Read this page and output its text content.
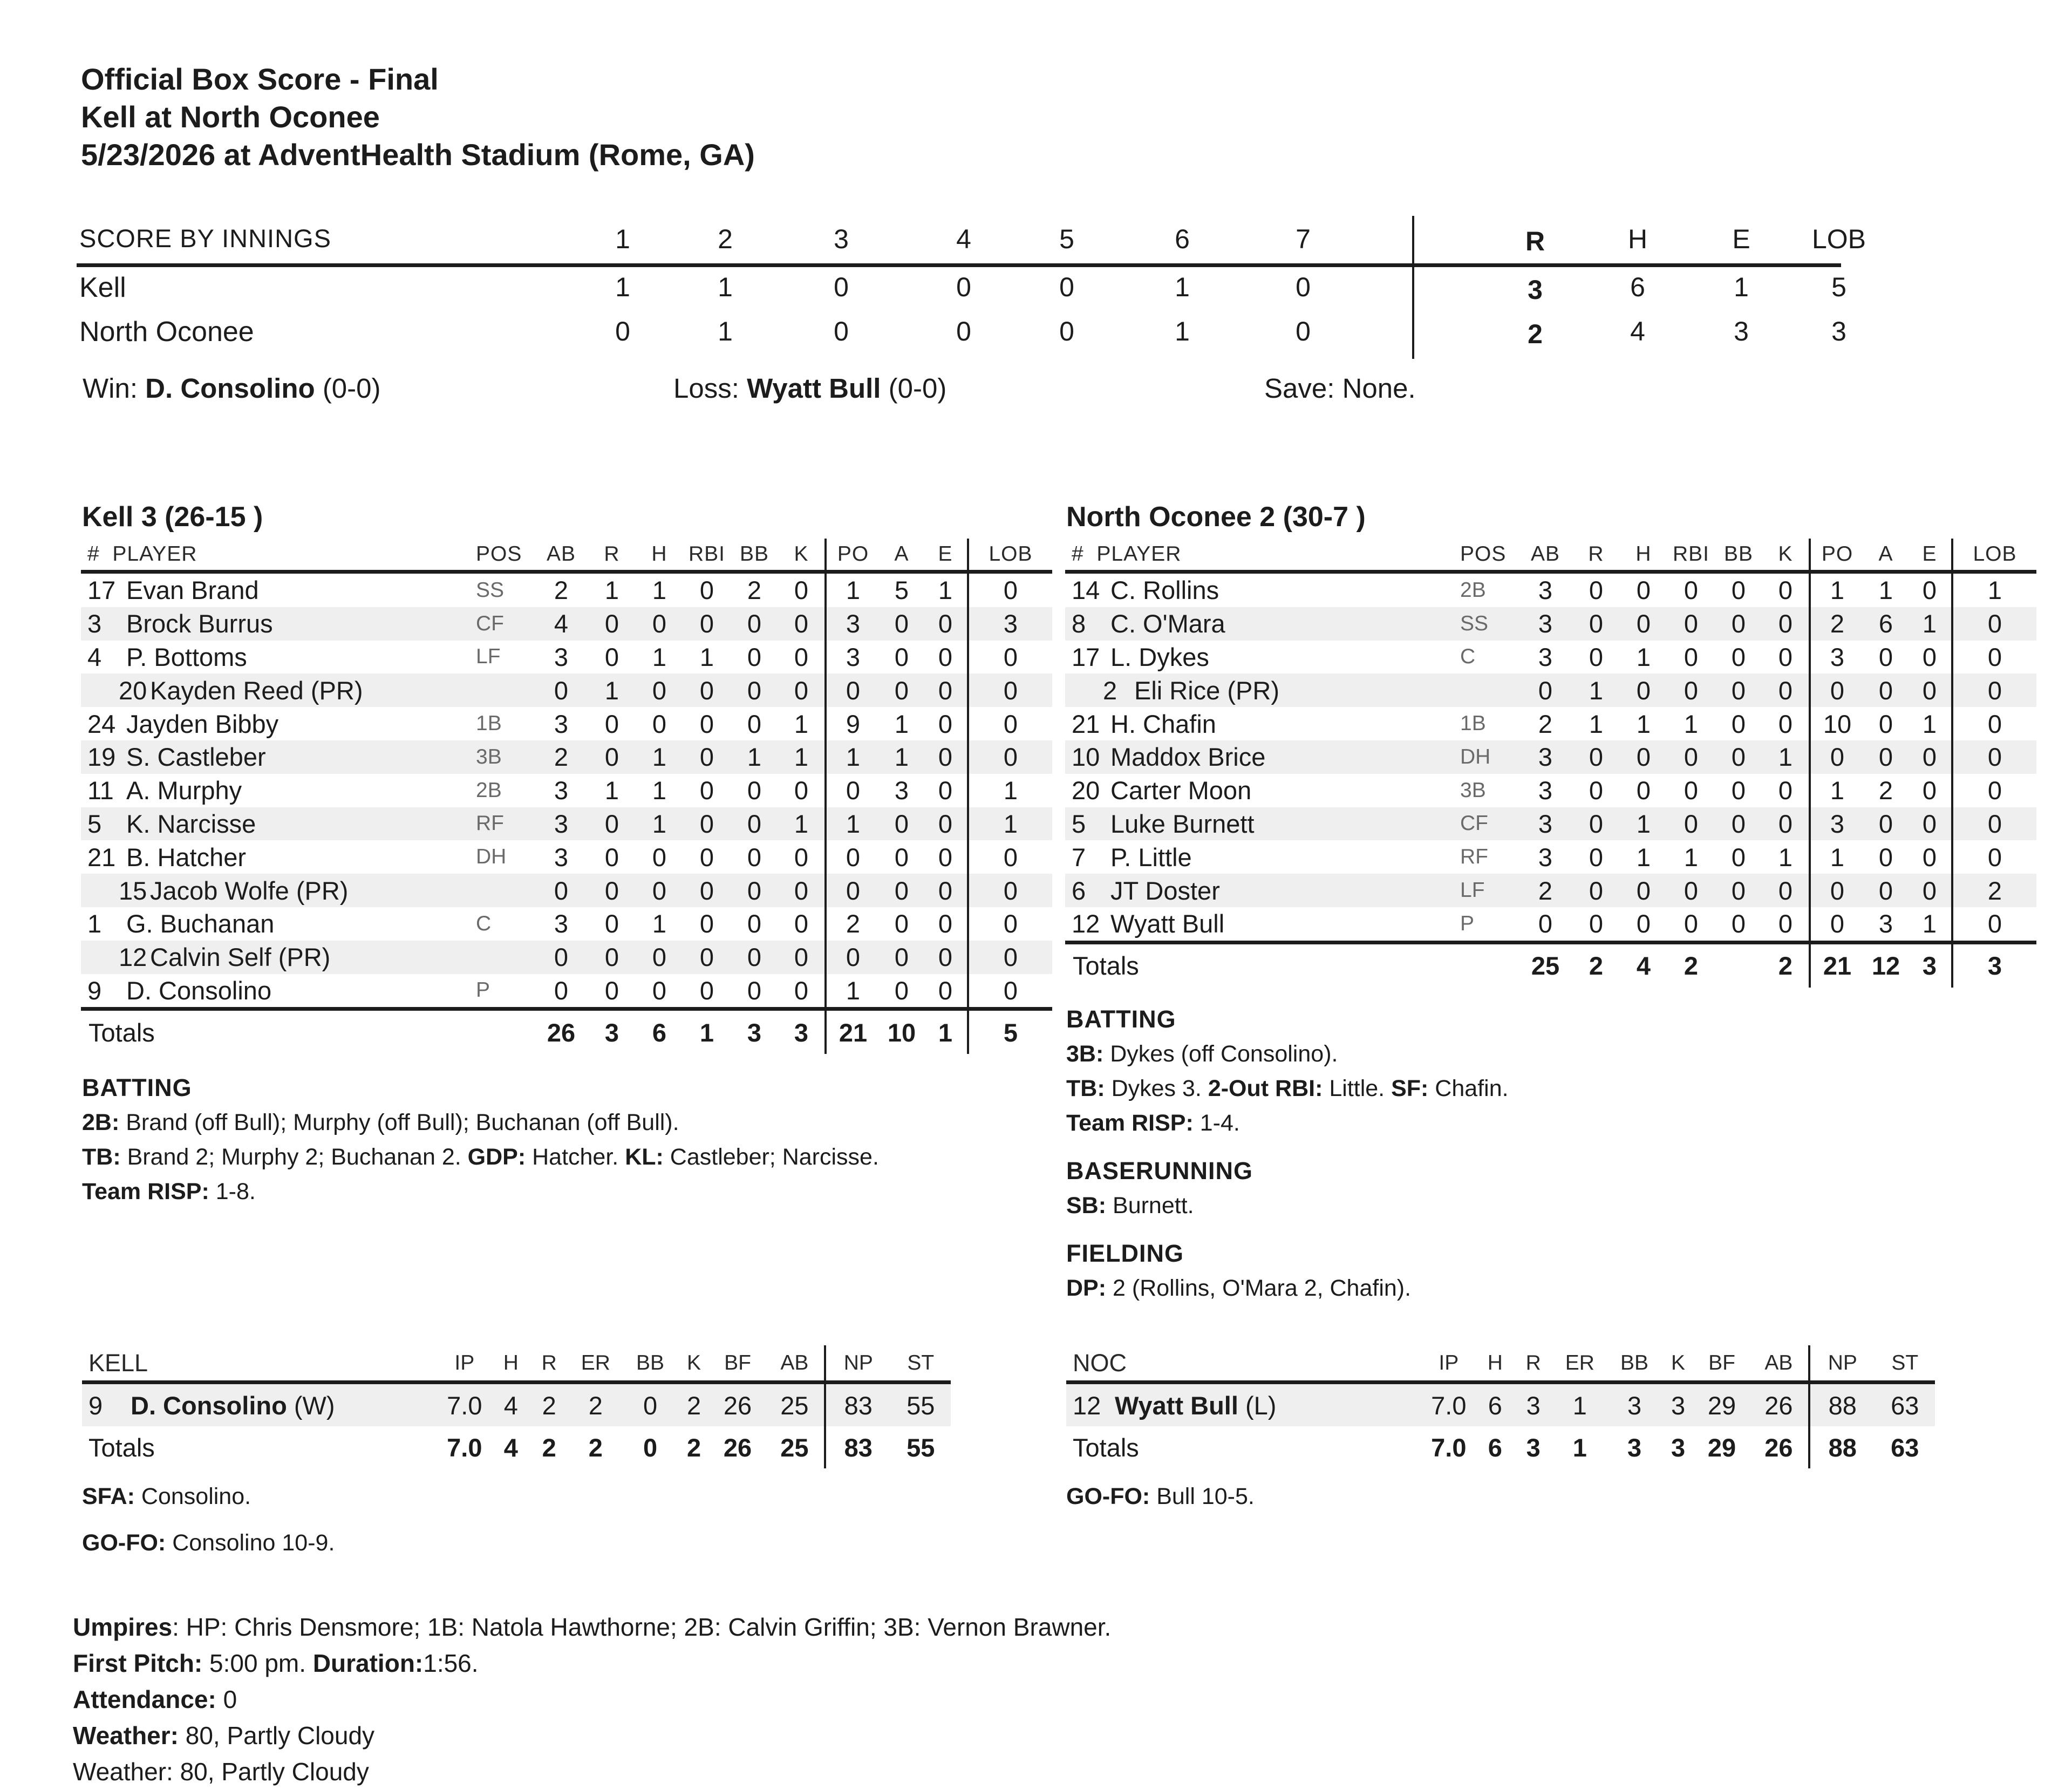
Official Box Score - Final
Kell at North Oconee
5/23/2026 at AdventHealth Stadium (Rome, GA)
SCORE BY INNINGS	1	2	3	4	5	6	7	R	H	E	LOB
Kell	1	1	0	0	0	1	0	3	6	1	5
North Oconee	0	1	0	0	0	1	0	2	4	3	3
Win: D. Consolino (0-0)	Loss: Wyatt Bull (0-0)	Save: None.
Kell 3 (26-15 )
# PLAYER	POS	AB	R	H	RBI	BB	K	PO	A	E	LOB
17 Evan Brand	SS	2	1	1	0	2	0	1	5	1	0
3 Brock Burrus	CF	4	0	0	0	0	0	3	0	0	3
4 P. Bottoms	LF	3	0	1	1	0	0	3	0	0	0
20 Kayden Reed (PR)		0	1	0	0	0	0	0	0	0	0
24 Jayden Bibby	1B	3	0	0	0	0	1	9	1	0	0
19 S. Castleber	3B	2	0	1	0	1	1	1	1	0	0
11 A. Murphy	2B	3	1	1	0	0	0	0	3	0	1
5 K. Narcisse	RF	3	0	1	0	0	1	1	0	0	1
21 B. Hatcher	DH	3	0	0	0	0	0	0	0	0	0
15 Jacob Wolfe (PR)		0	0	0	0	0	0	0	0	0	0
1 G. Buchanan	C	3	0	1	0	0	0	2	0	0	0
12 Calvin Self (PR)		0	0	0	0	0	0	0	0	0	0
9 D. Consolino	P	0	0	0	0	0	0	1	0	0	0
Totals		26	3	6	1	3	3	21	10	1	5
North Oconee 2 (30-7 )
# PLAYER	POS	AB	R	H	RBI	BB	K	PO	A	E	LOB
14 C. Rollins	2B	3	0	0	0	0	0	1	1	0	1
8 C. O'Mara	SS	3	0	0	0	0	0	2	6	1	0
17 L. Dykes	C	3	0	1	0	0	0	3	0	0	0
2 Eli Rice (PR)		0	1	0	0	0	0	0	0	0	0
21 H. Chafin	1B	2	1	1	1	0	0	10	0	1	0
10 Maddox Brice	DH	3	0	0	0	0	1	0	0	0	0
20 Carter Moon	3B	3	0	0	0	0	0	1	2	0	0
5 Luke Burnett	CF	3	0	1	0	0	0	3	0	0	0
7 P. Little	RF	3	0	1	1	0	1	1	0	0	0
6 JT Doster	LF	2	0	0	0	0	0	0	0	0	2
12 Wyatt Bull	P	0	0	0	0	0	0	0	3	1	0
Totals		25	2	4	2		2	21	12	3	3
BATTING
2B: Brand (off Bull); Murphy (off Bull); Buchanan (off Bull).
TB: Brand 2; Murphy 2; Buchanan 2. GDP: Hatcher. KL: Castleber; Narcisse.
Team RISP: 1-8.
BATTING
3B: Dykes (off Consolino).
TB: Dykes 3. 2-Out RBI: Little. SF: Chafin.
Team RISP: 1-4.
BASERUNNING
SB: Burnett.
FIELDING
DP: 2 (Rollins, O'Mara 2, Chafin).
KELL	IP	H	R	ER	BB	K	BF	AB	NP	ST
9 D. Consolino (W)	7.0	4	2	2	0	2	26	25	83	55
Totals	7.0	4	2	2	0	2	26	25	83	55
NOC	IP	H	R	ER	BB	K	BF	AB	NP	ST
12 Wyatt Bull (L)	7.0	6	3	1	3	3	29	26	88	63
Totals	7.0	6	3	1	3	3	29	26	88	63
SFA: Consolino.
GO-FO: Consolino 10-9.
GO-FO: Bull 10-5.
Umpires: HP: Chris Densmore; 1B: Natola Hawthorne; 2B: Calvin Griffin; 3B: Vernon Brawner.
First Pitch: 5:00 pm. Duration:1:56.
Attendance: 0
Weather: 80, Partly Cloudy
Weather: 80, Partly Cloudy
